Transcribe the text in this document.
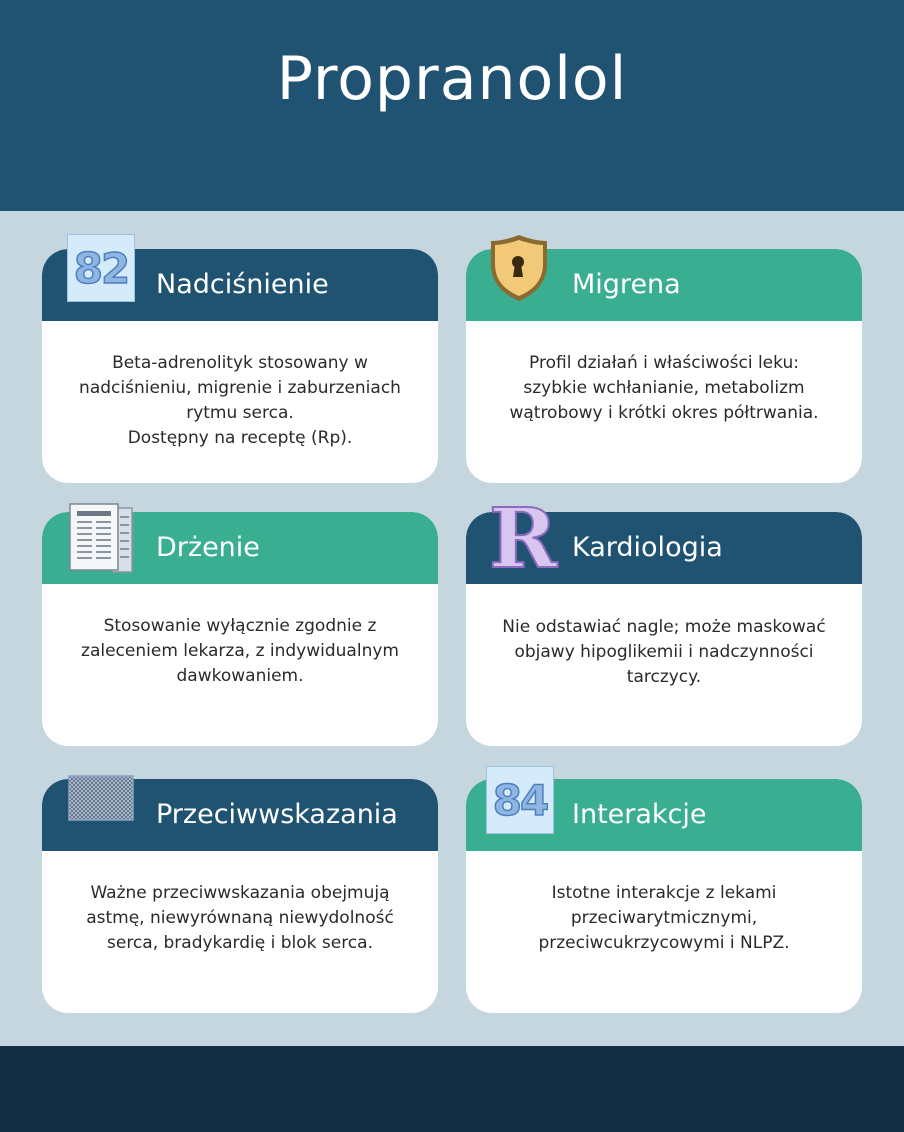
Propranolol
Nadciśnienie
Beta-adrenolityk stosowany w
nadciśnieniu, migrenie i zaburzeniach
rytmu serca.
Dostępny na receptę (Rp).
82	Migrena
Profil działań i właściwości leku:
szybkie wchłanianie, metabolizm
wątrobowy i krótki okres półtrwania.
Drżenie
Stosowanie wyłącznie zgodnie z
zaleceniem lekarza, z indywidualnym
dawkowaniem.
Kardiologia
Nie odstawiać nagle; może maskować
objawy hipoglikemii i nadczynności
tarczycy.
R
Przeciwwskazania
Ważne przeciwwskazania obejmują
astmę, niewyrównaną niewydolność
serca, bradykardię i blok serca.
Interakcje
Istotne interakcje z lekami
przeciwarytmicznymi,
przeciwcukrzycowymi i NLPZ.
84
